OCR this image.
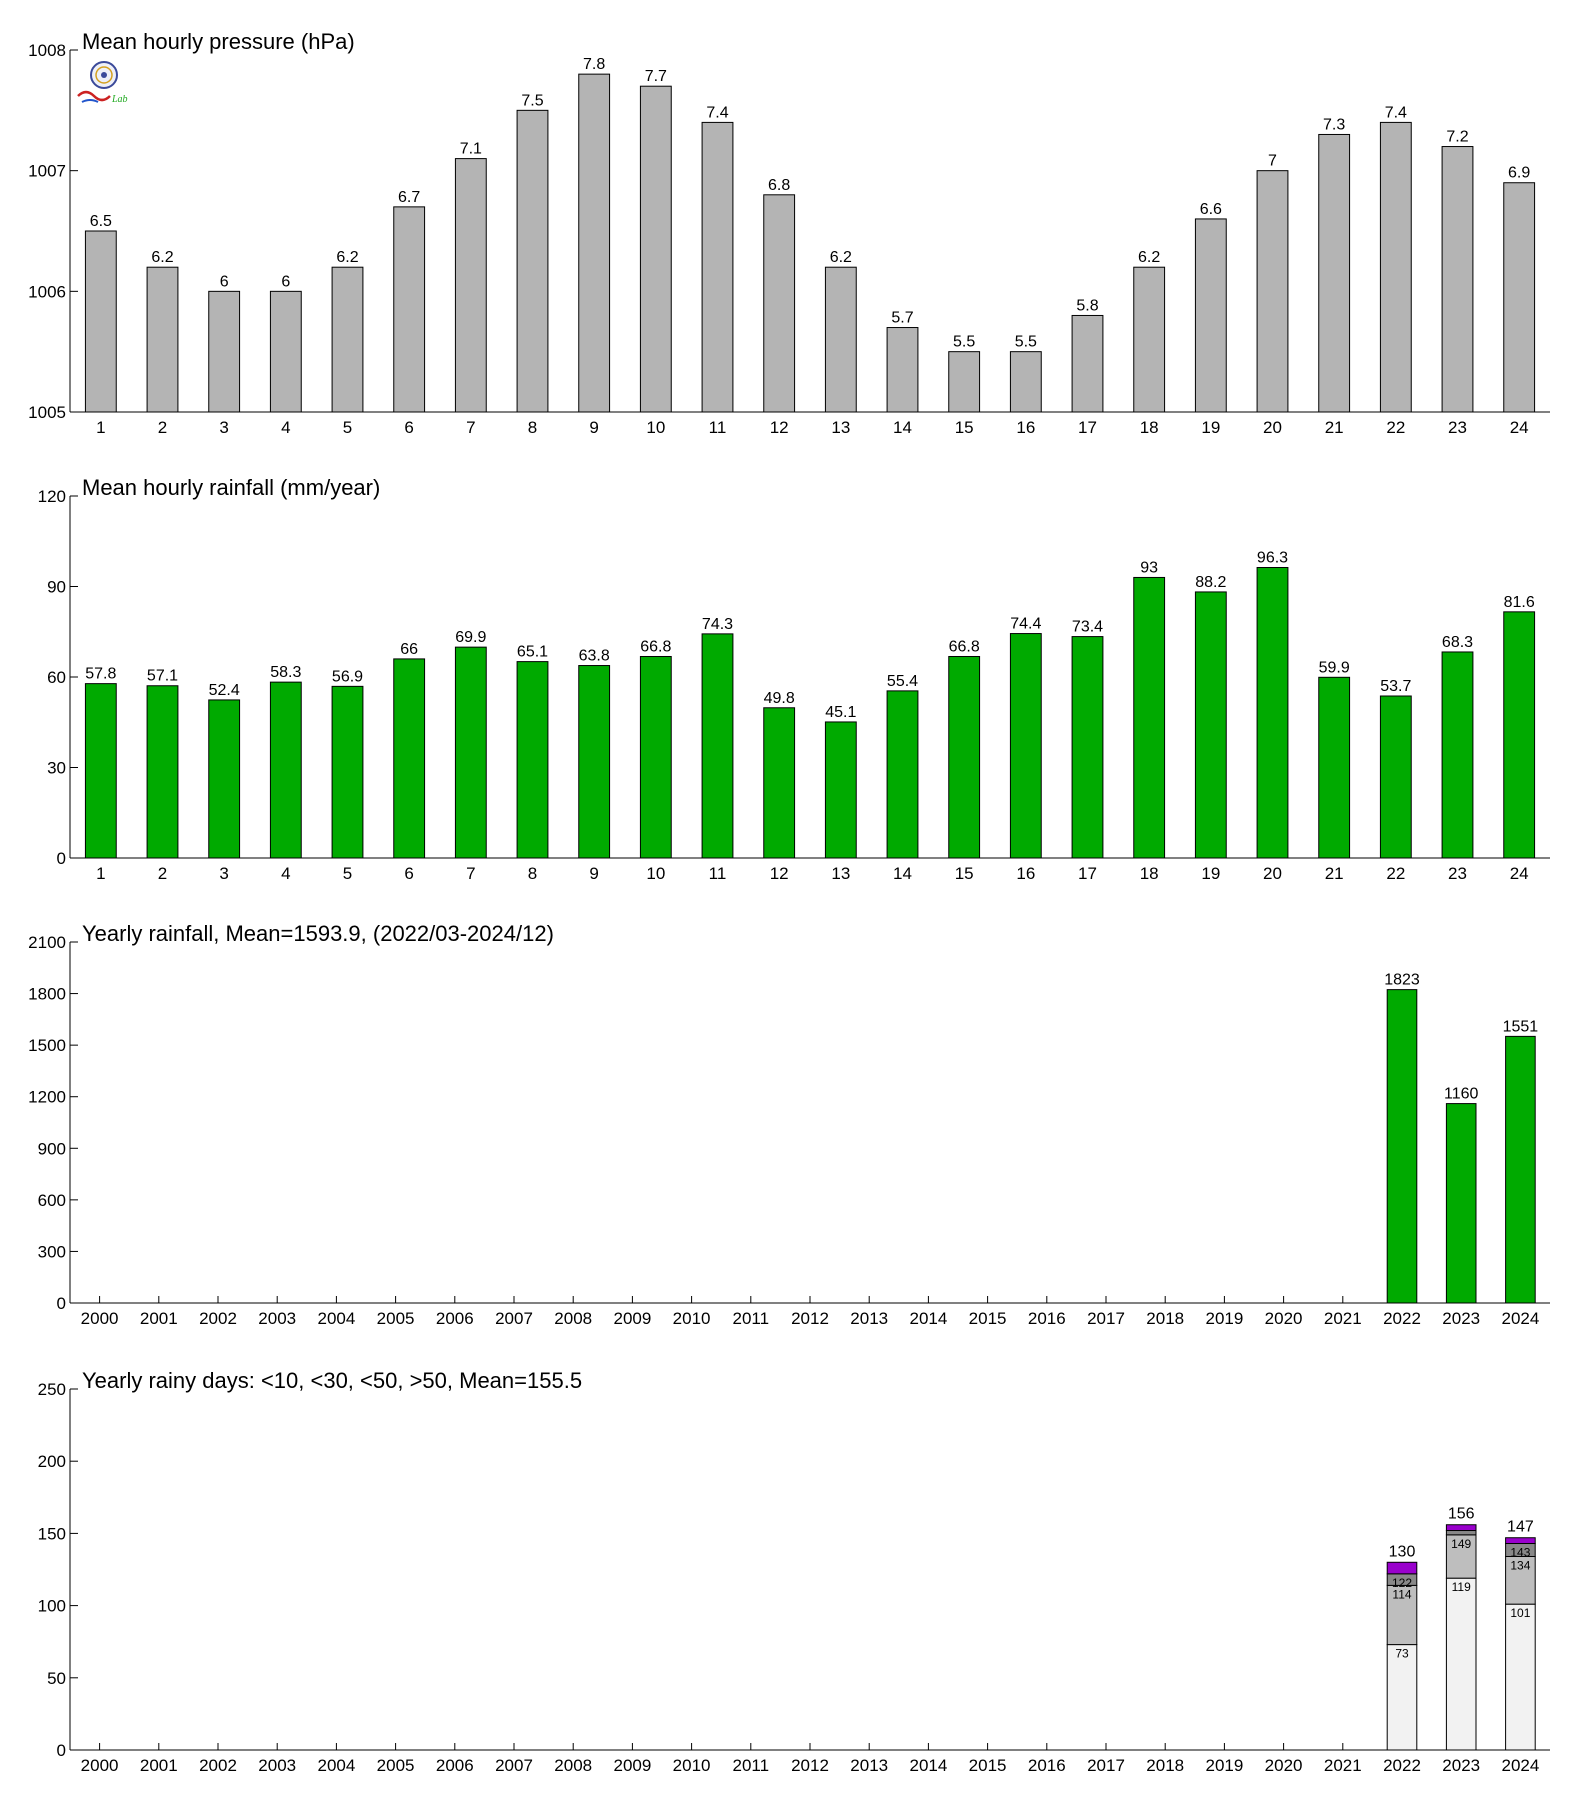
1005
1006
1007
1008
1	2	3	4	5	6	7	8	9	10	11	12	13	14	15	16	17	18	19	20	21	22	23	24
Mean hourly pressure (hPa)
6.5
6.2
6	6
6.2
6.7
7.1
7.5
7.8
7.7
7.4
6.8
6.2
5.7
5.5 5.5
5.8
6.2
6.6
7
7.3
7.4
7.2
6.9
0
30
60
90
120
1	2	3	4	5	6	7	8	9	10	11	12	13	14	15	16	17	18	19	20	21	22	23	24
Mean hourly rainfall (mm/year)
57.8 57.1
52.4
58.3 56.9
66
69.9
65.1 63.8
66.8
74.3
49.8
45.1
55.4
66.8
74.4 73.4
93
88.2
96.3
59.9
53.7
68.3
81.6
0
300
600
900
1200
1500
1800
2100
2000 2001 2002 2003 2004 2005 2006 2007 2008 2009 2010 2011 2012 2013 2014 2015 2016 2017 2018 2019 2020 2021 2022 2023 2024
Yearly rainfall, Mean=1593.9, (2022/03-2024/12)
1823
1160
1551
0
50
100
150
200
250
2000 2001 2002 2003 2004 2005 2006 2007 2008 2009 2010 2011 2012 2013 2014 2015 2016 2017 2018 2019 2020 2021 2022 2023 2024
Yearly rainy days: <10, <30, <50, >50, Mean=155.5
73
114
122
130
119
149
156
101
134
143
147
Lab
